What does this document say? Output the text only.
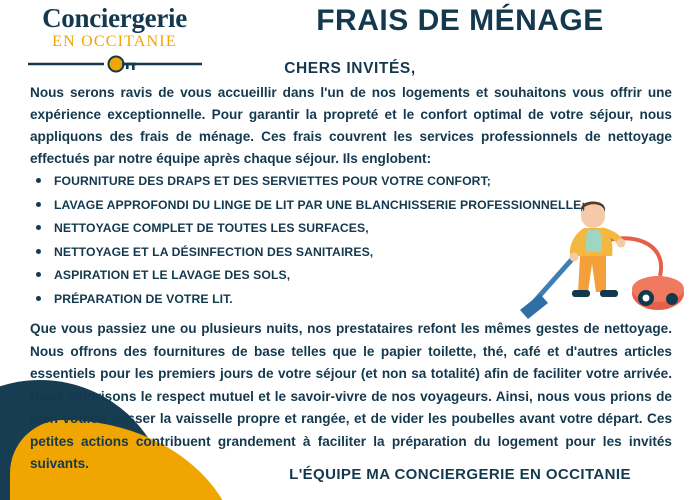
Conciergerie
EN OCCITANIE
FRAIS DE MÉNAGE
CHERS INVITÉS,
Nous serons ravis de vous accueillir dans l'un de nos logements et souhaitons vous offrir une expérience exceptionnelle. Pour garantir la propreté et le confort optimal de votre séjour, nous appliquons des frais de ménage. Ces frais couvrent les services professionnels de nettoyage effectués par notre équipe après chaque séjour. Ils englobent:
FOURNITURE DES DRAPS ET DES SERVIETTES POUR VOTRE CONFORT;
LAVAGE APPROFONDI DU LINGE DE LIT PAR UNE BLANCHISSERIE PROFESSIONNELLE;
NETTOYAGE COMPLET DE TOUTES LES SURFACES,
NETTOYAGE ET LA DÉSINFECTION DES SANITAIRES,
ASPIRATION ET LE LAVAGE DES SOLS,
PRÉPARATION DE VOTRE LIT.
Que vous passiez une ou plusieurs nuits, nos prestataires refont les mêmes gestes de nettoyage. Nous offrons des fournitures de base telles que le papier toilette, thé, café et d'autres articles essentiels pour les premiers jours de votre séjour (et non sa totalité) afin de faciliter votre arrivée. Nous valorisons le respect mutuel et le savoir-vivre de nos voyageurs. Ainsi, nous vous prions de bien vouloir laisser la vaisselle propre et rangée, et de vider les poubelles avant votre départ. Ces petites actions contribuent grandement à faciliter la préparation du logement pour les invités suivants.
L'ÉQUIPE MA CONCIERGERIE EN OCCITANIE
